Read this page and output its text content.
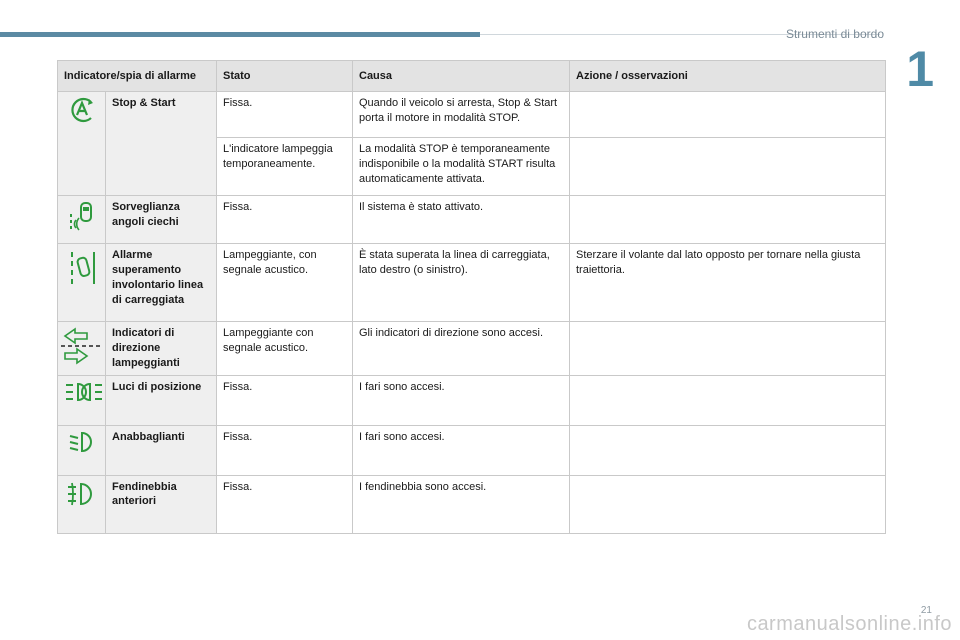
Strumenti di bordo
1
Indicatore/spia di allarme		Stato	Causa	Azione / osservazioni

	Stop & Start	Fissa.	Quando il veicolo si arresta, Stop & Start porta il motore in modalità STOP.	
		L'indicatore lampeggia temporaneamente.	La modalità STOP è temporaneamente indisponibile o la modalità START risulta automaticamente attivata.	

	Sorveglianza angoli ciechi	Fissa.	Il sistema è stato attivato.	

	Allarme superamento involontario linea di carreggiata	Lampeggiante, con segnale acustico.	È stata superata la linea di carreggiata, lato destro (o sinistro).	Sterzare il volante dal lato opposto per tornare nella giusta traiettoria.

	Indicatori di direzione lampeggianti	Lampeggiante con segnale acustico.	Gli indicatori di direzione sono accesi.	

	Luci di posizione	Fissa.	I fari sono accesi.	

	Anabbaglianti	Fissa.	I fari sono accesi.	

	Fendinebbia anteriori	Fissa.	I fendinebbia sono accesi.	
21
carmanualsonline.info
